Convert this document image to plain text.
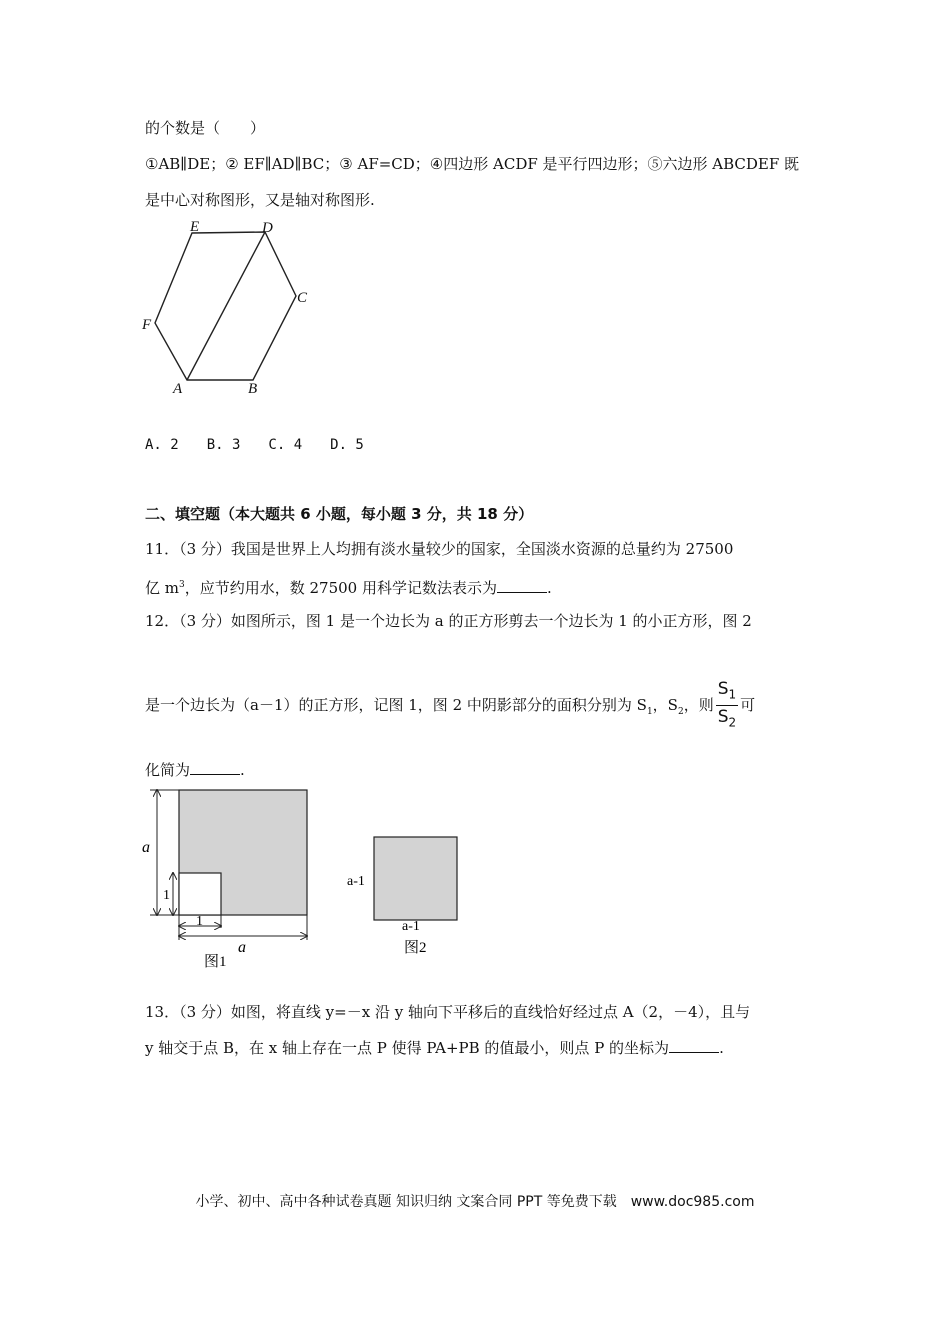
的个数是（　　）
①AB∥DE；② EF∥AD∥BC；③ AF=CD；④四边形 ACDF 是平行四边形；⑤六边形 ABCDEF 既
是中心对称图形，又是轴对称图形.
E	D
C
F
A	B
A. 2　　B. 3　　C. 4　　D. 5
二、填空题（本大题共 6 小题，每小题 3 分，共 18 分）
11．（3 分）我国是世界上人均拥有淡水量较少的国家，全国淡水资源的总量约为 27500
亿 $m^3$，应节约用水，数 27500 用科学记数法表示为	.
12．（3 分）如图所示，图 1 是一个边长为 a 的正方形剪去一个边长为 1 的小正方形，图 2
是一个边长为（a－1）的正方形，记图 1，图 2 中阴影部分的面积分别为 $S_1$，$S_2$，则 $\frac{S_1}{S_2}$ 可
化简为	.
a
1
1
a
图1
a-1
a-1
图2
13．（3 分）如图，将直线 y=－x 沿 y 轴向下平移后的直线恰好经过点 A（2，－4），且与
y 轴交于点 B，在 x 轴上存在一点 P 使得 PA+PB 的值最小，则点 P 的坐标为	.
小学、初中、高中各种试卷真题 知识归纳 文案合同 PPT 等免费下载　www.doc985.com
